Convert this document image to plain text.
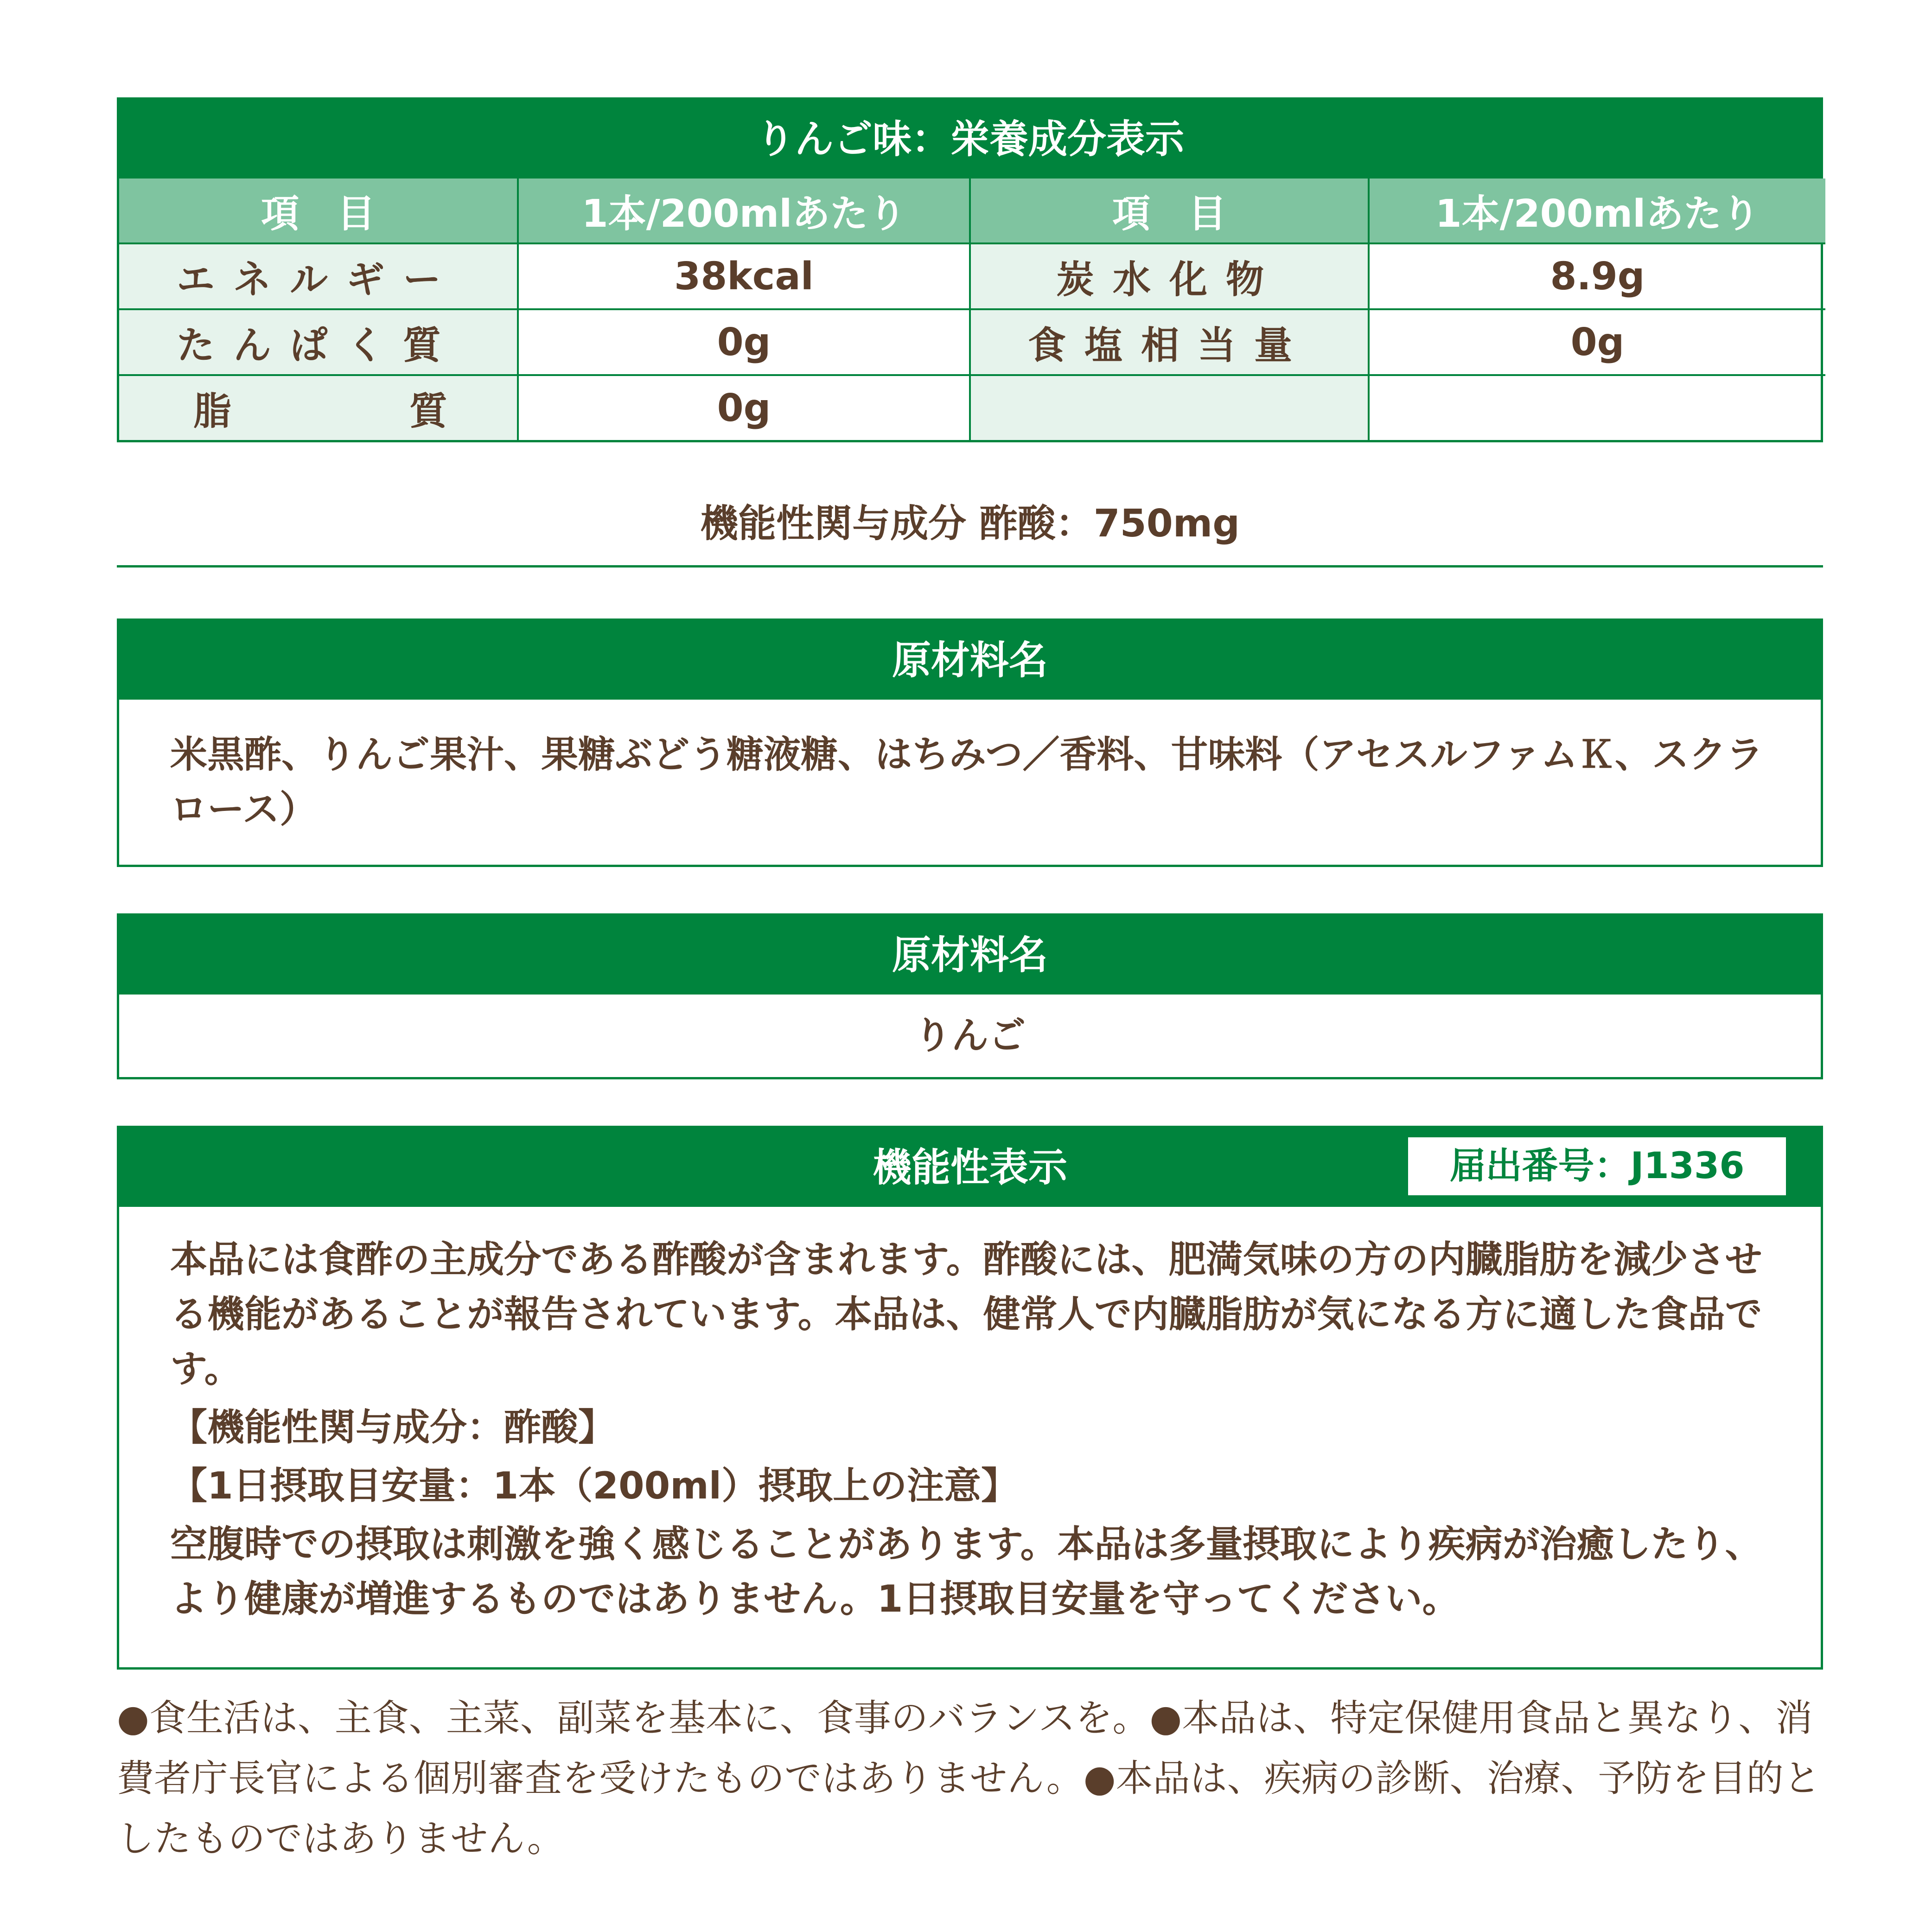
りんご味：栄養成分表示
項　目	1本/200mlあたり	項　目	1本/200mlあたり
エネルギー	38kcal	炭水化物	8.9g
たんぱく質	0g	食塩相当量	0g

脂 質	0g		
機能性関与成分 酢酸：750mg
原材料名
米黒酢、りんご果汁、果糖ぶどう糖液糖、はちみつ／香料、甘味料（アセスルファムＫ、スクラロース）
原材料名
りんご
機能性表示	届出番号：J1336

本品には食酢の主成分である酢酸が含まれます。酢酸には、肥満気味の方の内臓脂肪を減少させる機能があることが報告されています。本品は、健常人で内臓脂肪が気になる方に適した食品です。

【機能性関与成分：酢酸】

【1日摂取目安量：1本（200ml）摂取上の注意】

空腹時での摂取は刺激を強く感じることがあります。本品は多量摂取により疾病が治癒したり、より健康が増進するものではありません。1日摂取目安量を守ってください。

●食生活は、主食、主菜、副菜を基本に、食事のバランスを。●本品は、特定保健用食品と異なり、消費者庁長官による個別審査を受けたものではありません。●本品は、疾病の診断、治療、予防を目的としたものではありません。
